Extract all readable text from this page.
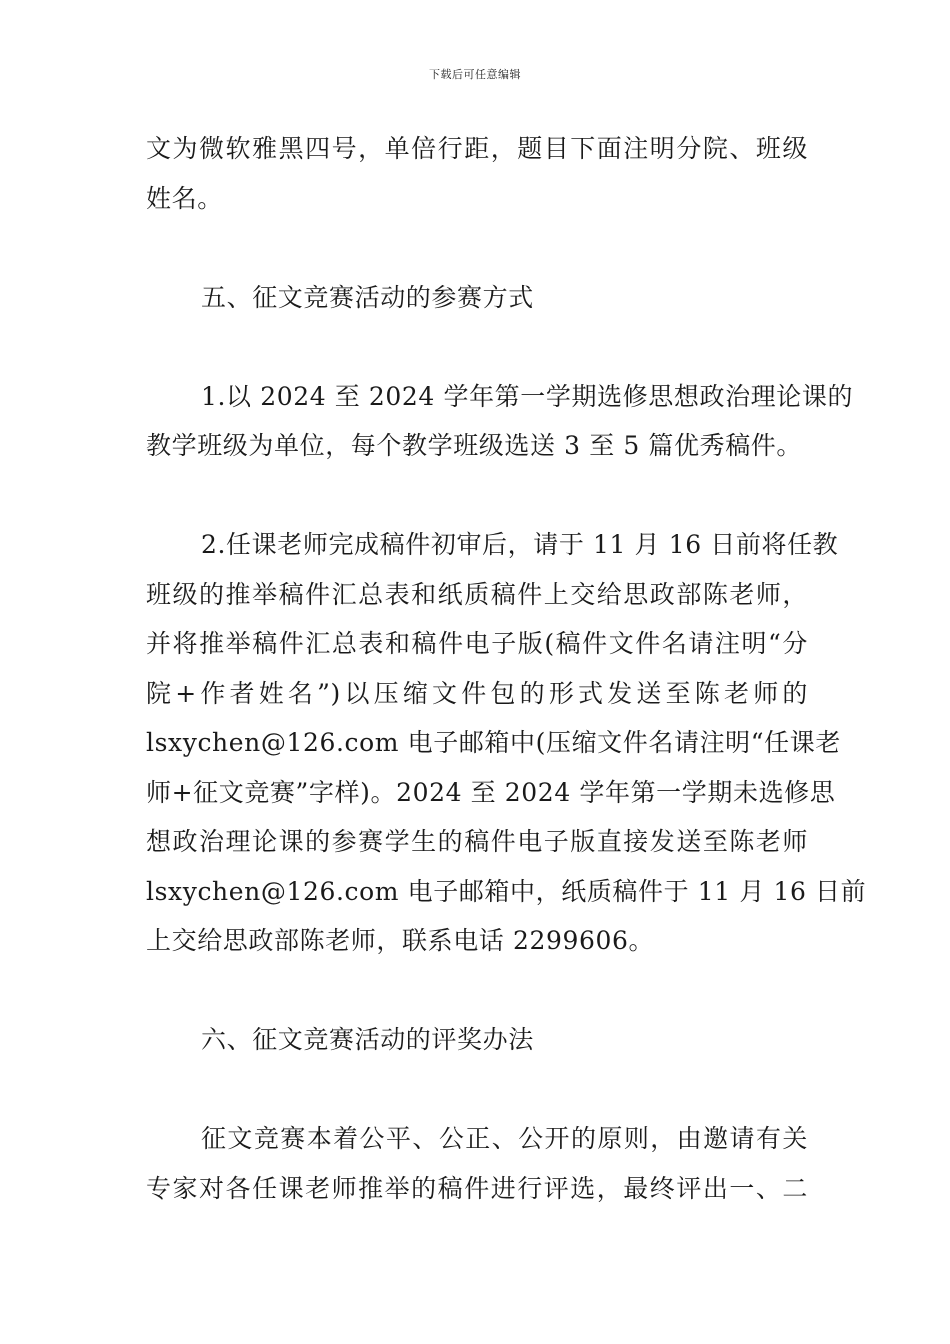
下载后可任意编辑
文为微软雅黑四号，单倍行距，题目下面注明分院、班级
姓名。
五、征文竞赛活动的参赛方式
1.以 2024 至 2024 学年第一学期选修思想政治理论课的
教学班级为单位，每个教学班级选送 3 至 5 篇优秀稿件。
2.任课老师完成稿件初审后，请于 11 月 16 日前将任教
班级的推举稿件汇总表和纸质稿件上交给思政部陈老师，
并将推举稿件汇总表和稿件电子版(稿件文件名请注明“分
院+作者姓名”)以压缩文件包的形式发送至陈老师的
lsxychen@126.com 电子邮箱中(压缩文件名请注明“任课老
师+征文竞赛”字样)。2024 至 2024 学年第一学期未选修思
想政治理论课的参赛学生的稿件电子版直接发送至陈老师
lsxychen@126.com 电子邮箱中，纸质稿件于 11 月 16 日前
上交给思政部陈老师，联系电话 2299606。
六、征文竞赛活动的评奖办法
征文竞赛本着公平、公正、公开的原则，由邀请有关
专家对各任课老师推举的稿件进行评选，最终评出一、二
